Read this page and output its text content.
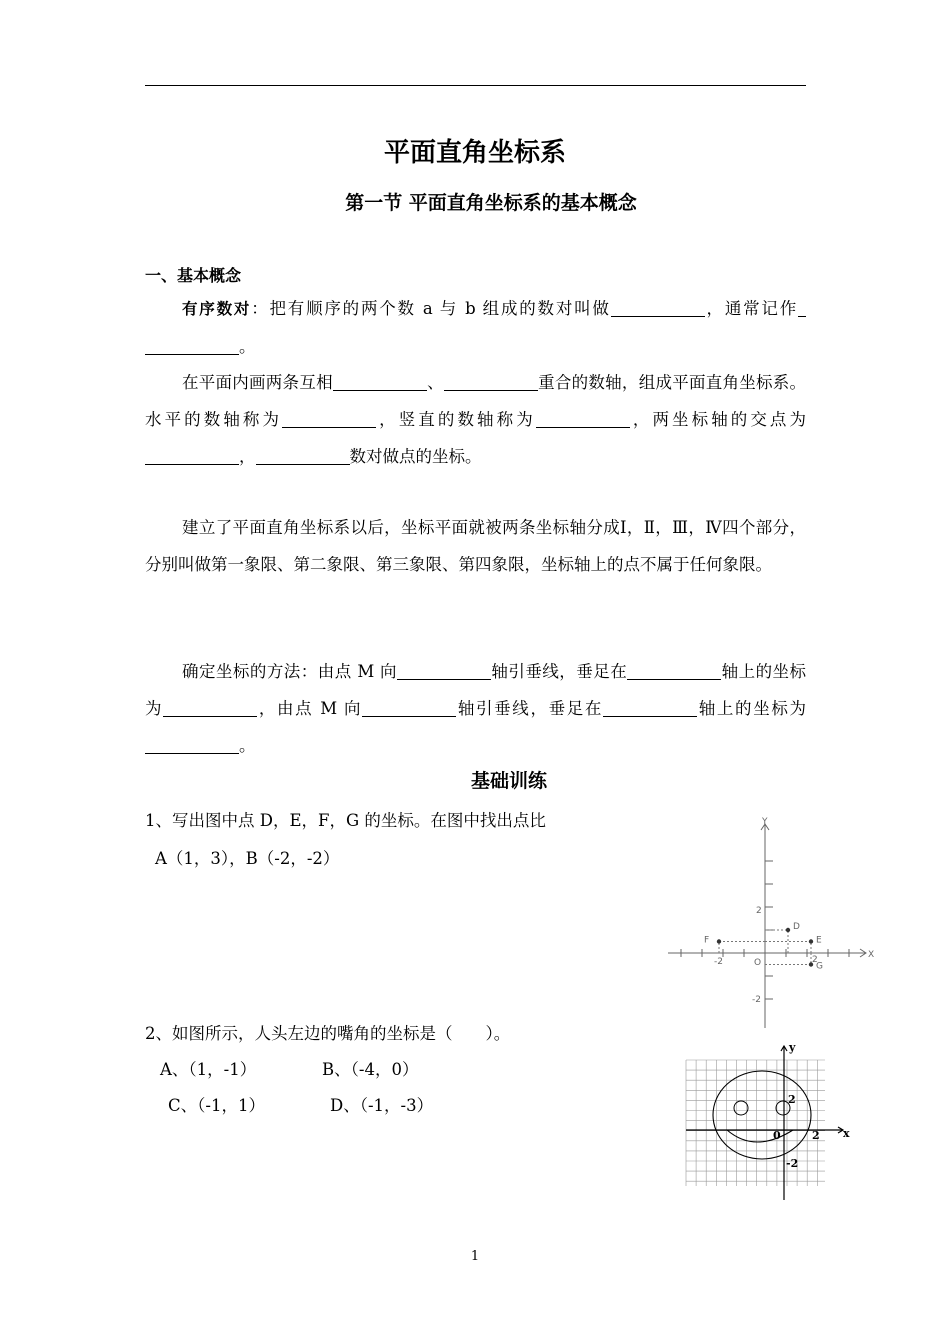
平面直角坐标系
第一节 平面直角坐标系的基本概念
一、基本概念
有序数对：把有顺序的两个数 a 与 b 组成的数对叫做	，通常记作。
在平面内画两条互相	、	重合的数轴，组成平面直角坐标系。水平的数轴称为	，竖直的数轴称为	，两坐标轴的交点为，	数对做点的坐标。
建立了平面直角坐标系以后，坐标平面就被两条坐标轴分成Ⅰ，Ⅱ，Ⅲ，Ⅳ四个部分，分别叫做第一象限、第二象限、第三象限、第四象限，坐标轴上的点不属于任何象限。
确定坐标的方法：由点 M 向	轴引垂线，垂足在	轴上的坐标为	，由点 M 向	轴引垂线，垂足在	轴上的坐标为。
基础训练
1、写出图中点 D，E，F，G 的坐标。在图中找出点比
A（1，3），B（-2，-2）
D
E
F
G
X
Y
O
-2	2
2
-2
2、如图所示，人头左边的嘴角的坐标是（　　）。
A、（1，-1）	B、（-4，0）
C、（-1，1）	D、（-1，-3）
y
x
0
2
2
-2
1
